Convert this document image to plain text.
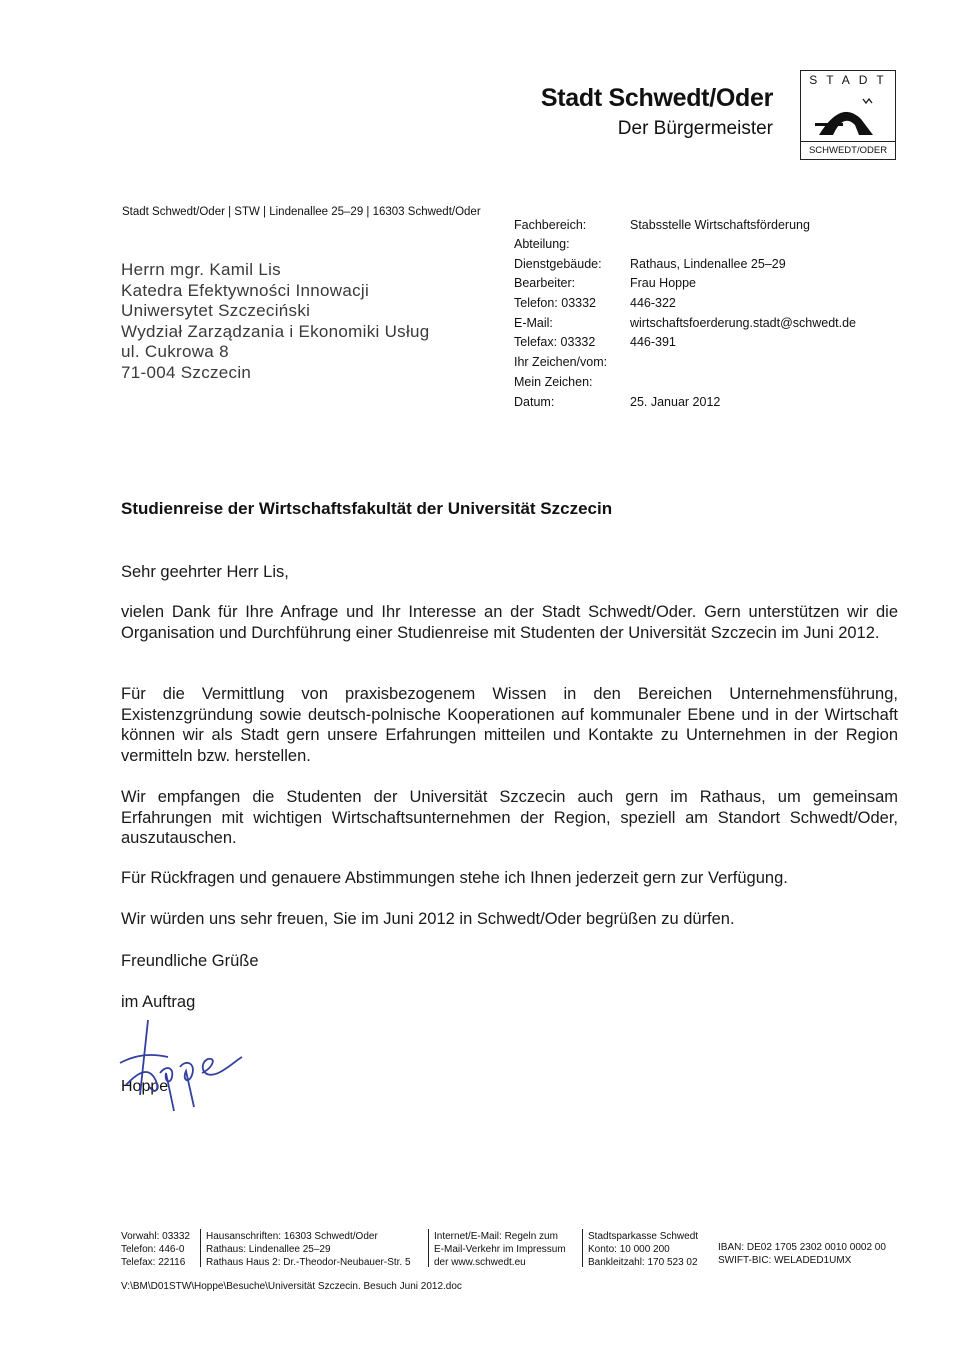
Stadt Schwedt/Oder
Der Bürgermeister
STADT
SCHWEDT/ODER
Stadt Schwedt/Oder | STW | Lindenallee 25–29 | 16303 Schwedt/Oder
Herrn mgr. Kamil Lis
Katedra Efektywności Innowacji
Uniwersytet Szczeciński
Wydział Zarządzania i Ekonomiki Usług
ul. Cukrowa 8
71-004 Szczecin
Fachbereich:	Stabsstelle Wirtschaftsförderung
Abteilung:
Dienstgebäude: Rathaus, Lindenallee 25–29
Bearbeiter:	Frau Hoppe
Telefon: 03332	446-322
E-Mail:	wirtschaftsfoerderung.stadt@schwedt.de
Telefax: 03332	446-391
Ihr Zeichen/vom:
Mein Zeichen:
Datum:	25. Januar 2012
Studienreise der Wirtschaftsfakultät der Universität Szczecin
Sehr geehrter Herr Lis,
vielen Dank für Ihre Anfrage und Ihr Interesse an der Stadt Schwedt/Oder. Gern unterstützen wir die Organisation und Durchführung einer Studienreise mit Studenten der Universität Szczecin im Juni 2012.
Für die Vermittlung von praxisbezogenem Wissen in den Bereichen Unternehmensführung, Existenzgründung sowie deutsch-polnische Kooperationen auf kommunaler Ebene und in der Wirtschaft können wir als Stadt gern unsere Erfahrungen mitteilen und Kontakte zu Unternehmen in der Region vermitteln bzw. herstellen.
Wir empfangen die Studenten der Universität Szczecin auch gern im Rathaus, um gemeinsam Erfahrungen mit wichtigen Wirtschaftsunternehmen der Region, speziell am Standort Schwedt/Oder, auszutauschen.
Für Rückfragen und genauere Abstimmungen stehe ich Ihnen jederzeit gern zur Verfügung.
Wir würden uns sehr freuen, Sie im Juni 2012 in Schwedt/Oder begrüßen zu dürfen.
Freundliche Grüße
im Auftrag
Hoppe
Vorwahl: 03332
Telefon: 446-0
Telefax: 22116
Hausanschriften: 16303 Schwedt/Oder
Rathaus: Lindenallee 25–29
Rathaus Haus 2: Dr.-Theodor-Neubauer-Str. 5
Internet/E-Mail: Regeln zum
E-Mail-Verkehr im Impressum
der www.schwedt.eu
Stadtsparkasse Schwedt
Konto: 10 000 200
Bankleitzahl: 170 523 02
IBAN: DE02 1705 2302 0010 0002 00
SWIFT-BIC: WELADED1UMX
V:\BM\D01STW\Hoppe\Besuche\Universität Szczecin. Besuch Juni 2012.doc
